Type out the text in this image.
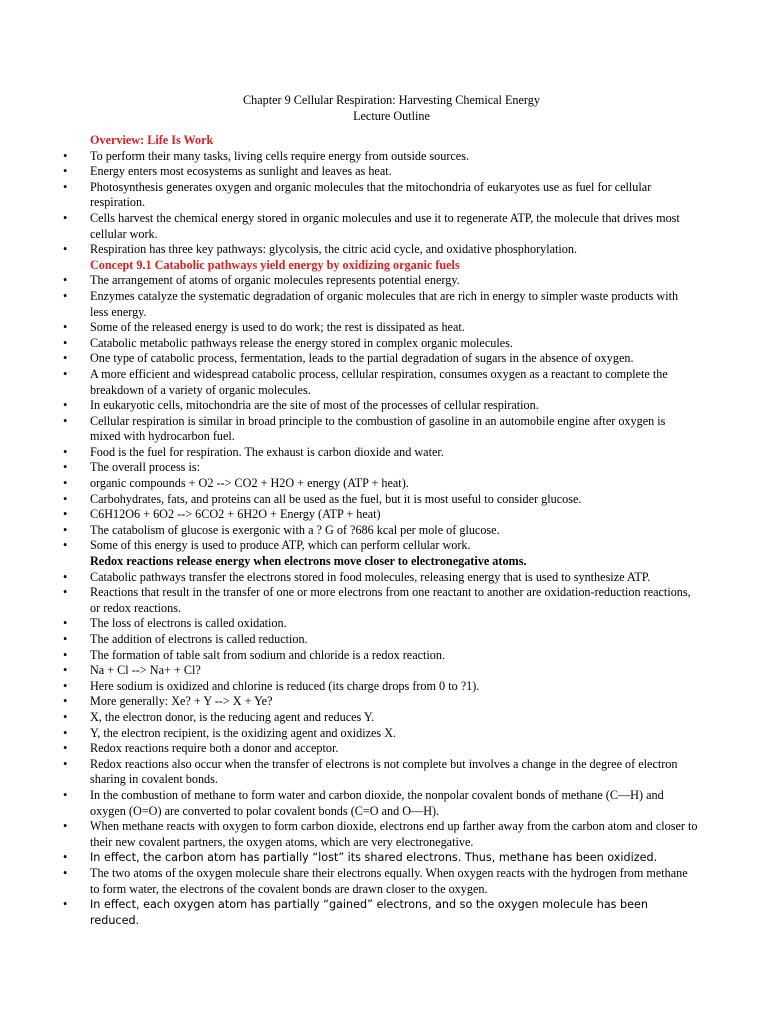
Chapter 9 Cellular Respiration: Harvesting Chemical Energy
Lecture Outline
Overview: Life Is Work
•	To perform their many tasks, living cells require energy from outside sources.
•	Energy enters most ecosystems as sunlight and leaves as heat.
•	Photosynthesis generates oxygen and organic molecules that the mitochondria of eukaryotes use as fuel for cellular respiration.
•	Cells harvest the chemical energy stored in organic molecules and use it to regenerate ATP, the molecule that drives most cellular work.
•	Respiration has three key pathways: glycolysis, the citric acid cycle, and oxidative phosphorylation.
Concept 9.1 Catabolic pathways yield energy by oxidizing organic fuels
•	The arrangement of atoms of organic molecules represents potential energy.
•	Enzymes catalyze the systematic degradation of organic molecules that are rich in energy to simpler waste products with less energy.
•	Some of the released energy is used to do work; the rest is dissipated as heat.
•	Catabolic metabolic pathways release the energy stored in complex organic molecules.
•	One type of catabolic process, fermentation, leads to the partial degradation of sugars in the absence of oxygen.
•	A more efficient and widespread catabolic process, cellular respiration, consumes oxygen as a reactant to complete the breakdown of a variety of organic molecules.
•	In eukaryotic cells, mitochondria are the site of most of the processes of cellular respiration.
•	Cellular respiration is similar in broad principle to the combustion of gasoline in an automobile engine after oxygen is mixed with hydrocarbon fuel.
•	Food is the fuel for respiration. The exhaust is carbon dioxide and water.
•	The overall process is:
•	organic compounds + O2 --> CO2 + H2O + energy (ATP + heat).
•	Carbohydrates, fats, and proteins can all be used as the fuel, but it is most useful to consider glucose.
•	C6H12O6 + 6O2 --> 6CO2 + 6H2O + Energy (ATP + heat)
•	The catabolism of glucose is exergonic with a ? G of ?686 kcal per mole of glucose.
•	Some of this energy is used to produce ATP, which can perform cellular work.
Redox reactions release energy when electrons move closer to electronegative atoms.
•	Catabolic pathways transfer the electrons stored in food molecules, releasing energy that is used to synthesize ATP.
•	Reactions that result in the transfer of one or more electrons from one reactant to another are oxidation-reduction reactions, or redox reactions.
•	The loss of electrons is called oxidation.
•	The addition of electrons is called reduction.
•	The formation of table salt from sodium and chloride is a redox reaction.
•	Na + Cl --> Na+ + Cl?
•	Here sodium is oxidized and chlorine is reduced (its charge drops from 0 to ?1).
•	More generally: Xe? + Y --> X + Ye?
•	X, the electron donor, is the reducing agent and reduces Y.
•	Y, the electron recipient, is the oxidizing agent and oxidizes X.
•	Redox reactions require both a donor and acceptor.
•	Redox reactions also occur when the transfer of electrons is not complete but involves a change in the degree of electron sharing in covalent bonds.
•	In the combustion of methane to form water and carbon dioxide, the nonpolar covalent bonds of methane (C—H) and oxygen (O=O) are converted to polar covalent bonds (C=O and O—H).
•	When methane reacts with oxygen to form carbon dioxide, electrons end up farther away from the carbon atom and closer to their new covalent partners, the oxygen atoms, which are very electronegative.
•	In effect, the carbon atom has partially “lost” its shared electrons. Thus, methane has been oxidized.
•	The two atoms of the oxygen molecule share their electrons equally. When oxygen reacts with the hydrogen from methane to form water, the electrons of the covalent bonds are drawn closer to the oxygen.
•	In effect, each oxygen atom has partially “gained” electrons, and so the oxygen molecule has been reduced.
